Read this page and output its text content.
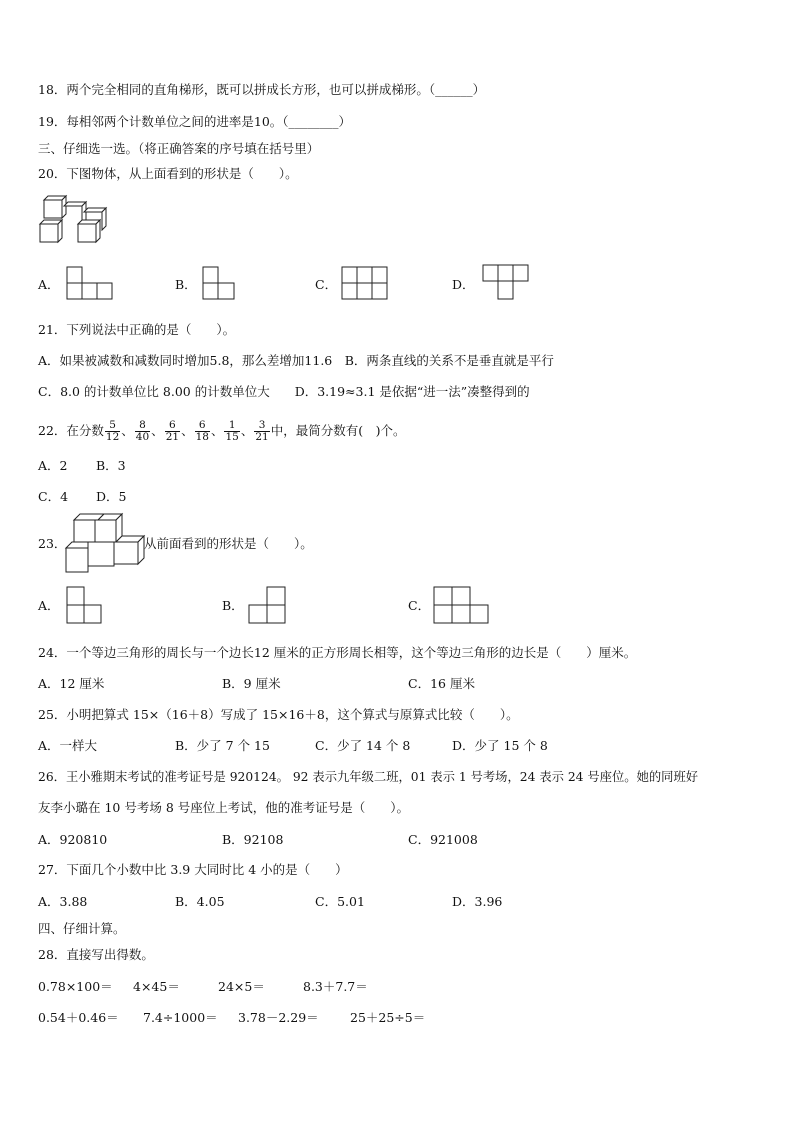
18．两个完全相同的直角梯形，既可以拼成长方形，也可以拼成梯形。（______）
19．每相邻两个计数单位之间的进率是10。（________）
三、仔细选一选。（将正确答案的序号填在括号里）
20．下图物体，从上面看到的形状是（　　）。
A．	B．	C．	D．
21．下列说法中正确的是（　　）。
A．如果被减数和减数同时增加5.8，那么差增加11.6　B．两条直线的关系不是垂直就是平行
C．8.0 的计数单位比 8.00 的计数单位大　　D．3.19≈3.1 是依据“进一法”凑整得到的
22．在分数 $\frac{5}{12}$ 、 $\frac{8}{40}$ 、 $\frac{6}{21}$ 、 $\frac{6}{18}$ 、 $\frac{1}{15}$ 、 $\frac{3}{21}$ 中，最简分数有(　)个。
A．2 B．3
C．4 D．5
23．	从前面看到的形状是（　　）。
A．	B．	C．
24．一个等边三角形的周长与一个边长12 厘米的正方形周长相等，这个等边三角形的边长是（　　）厘米。
A．12 厘米	B．9 厘米	C．16 厘米
25．小明把算式 15×（16＋8）写成了 15×16＋8，这个算式与原算式比较（　　）。
A．一样大	B．少了 7 个 15	C．少了 14 个 8	D．少了 15 个 8
26．王小雅期末考试的准考证号是 920124。 92 表示九年级二班，01 表示 1 号考场，24 表示 24 号座位。她的同班好
友李小璐在 10 号考场 8 号座位上考试，他的准考证号是（　　）。
A．920810	B．92108	C．921008
27．下面几个小数中比 3.9 大同时比 4 小的是（　　）
A．3.88	B．4.05	C．5.01	D．3.96
四、仔细计算。
28．直接写出得数。
0.78×100＝ 4×45＝	24×5＝	8.3＋7.7＝
0.54＋0.46＝ 7.4÷1000＝ 3.78－2.29＝	25＋25÷5＝
